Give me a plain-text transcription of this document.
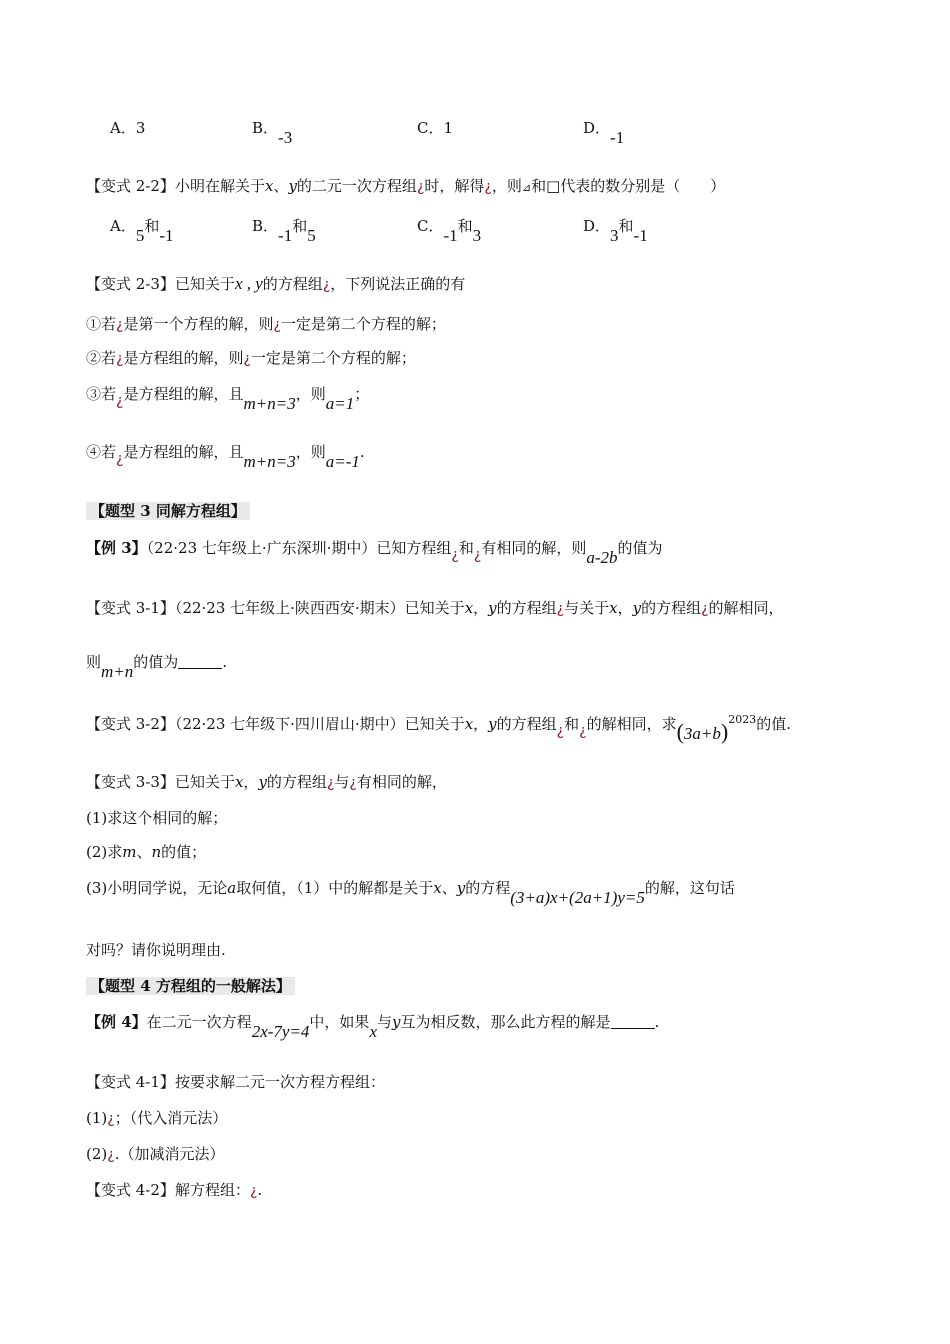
A．3	B．-3	C．1	D．-1
【变式 2-2】小明在解关于x、y的二元一次方程组¿时，解得¿，则⊿和□代表的数分别是（　　）
A．5和-1	B．-1和5	C．-1和3	D．3和-1
【变式 2-3】已知关于x , y的方程组¿，下列说法正确的有
①若¿是第一个方程的解，则¿一定是第二个方程的解；
②若¿是方程组的解，则¿一定是第二个方程的解；
③若¿是方程组的解，且m+n=3，则a=1；
④若¿是方程组的解，且m+n=3，则a=-1.
【题型 3 同解方程组】
【例 3】（22·23 七年级上·广东深圳·期中）已知方程组¿和¿有相同的解，则a-2b的值为
【变式 3-1】（22·23 七年级上·陕西西安·期末）已知关于x，y的方程组¿与关于x，y的方程组¿的解相同，
则m+n的值为	.
【变式 3-2】（22·23 七年级下·四川眉山·期中）已知关于x，y的方程组¿和¿的解相同，求$(3a+b)^{2023}$的值.
【变式 3-3】已知关于x，y的方程组¿与¿有相同的解，
(1)求这个相同的解；
(2)求m、n的值；
(3)小明同学说，无论a取何值，（1）中的解都是关于x、y的方程(3+a)x+(2a+1)y=5的解，这句话
对吗？请你说明理由.
【题型 4 方程组的一般解法】
【例 4】在二元一次方程2x-7y=4中，如果x与y互为相反数，那么此方程的解是	.
【变式 4-1】按要求解二元一次方程方程组：
(1)¿；（代入消元法）
(2)¿.（加减消元法）
【变式 4-2】解方程组：¿.
